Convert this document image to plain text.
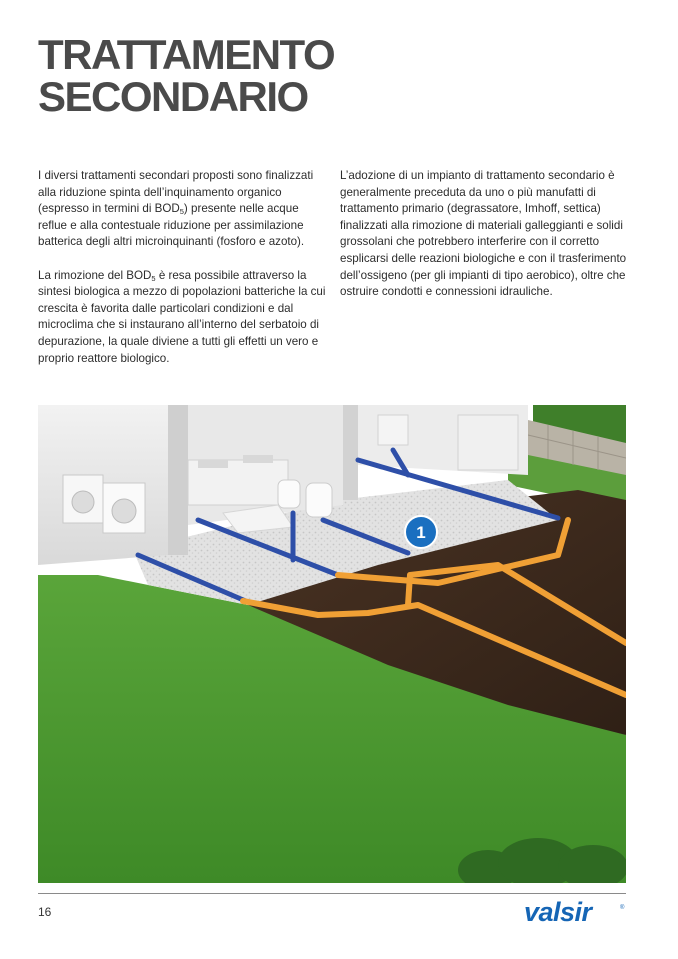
TRATTAMENTO
SECONDARIO

I diversi trattamenti secondari proposti sono finalizzati alla riduzione spinta dell’inquinamento organico (espresso in termini di $BOD_5$) presente nelle acque reflue e alla contestuale riduzione per assimilazione batterica degli altri microinquinanti (fosforo e azoto).

La rimozione del $BOD_5$ è resa possibile attraverso la sintesi biologica a mezzo di popolazioni batteriche la cui crescita è favorita dalle particolari condizioni e dal microclima che si instaurano all’interno del serbatoio di depurazione, la quale diviene a tutti gli effetti un vero e proprio reattore biologico.

L’adozione di un impianto di trattamento secondario è generalmente preceduta da uno o più manufatti di trattamento primario (degrassatore, Imhoff, settica) finalizzati alla rimozione di materiali galleggianti e solidi grossolani che potrebbero interferire con il corretto esplicarsi delle reazioni biologiche e con il trasferimento dell’ossigeno (per gli impianti di tipo aerobico), oltre che ostruire condotti e connessioni idrauliche.

1
16	valsir	®
